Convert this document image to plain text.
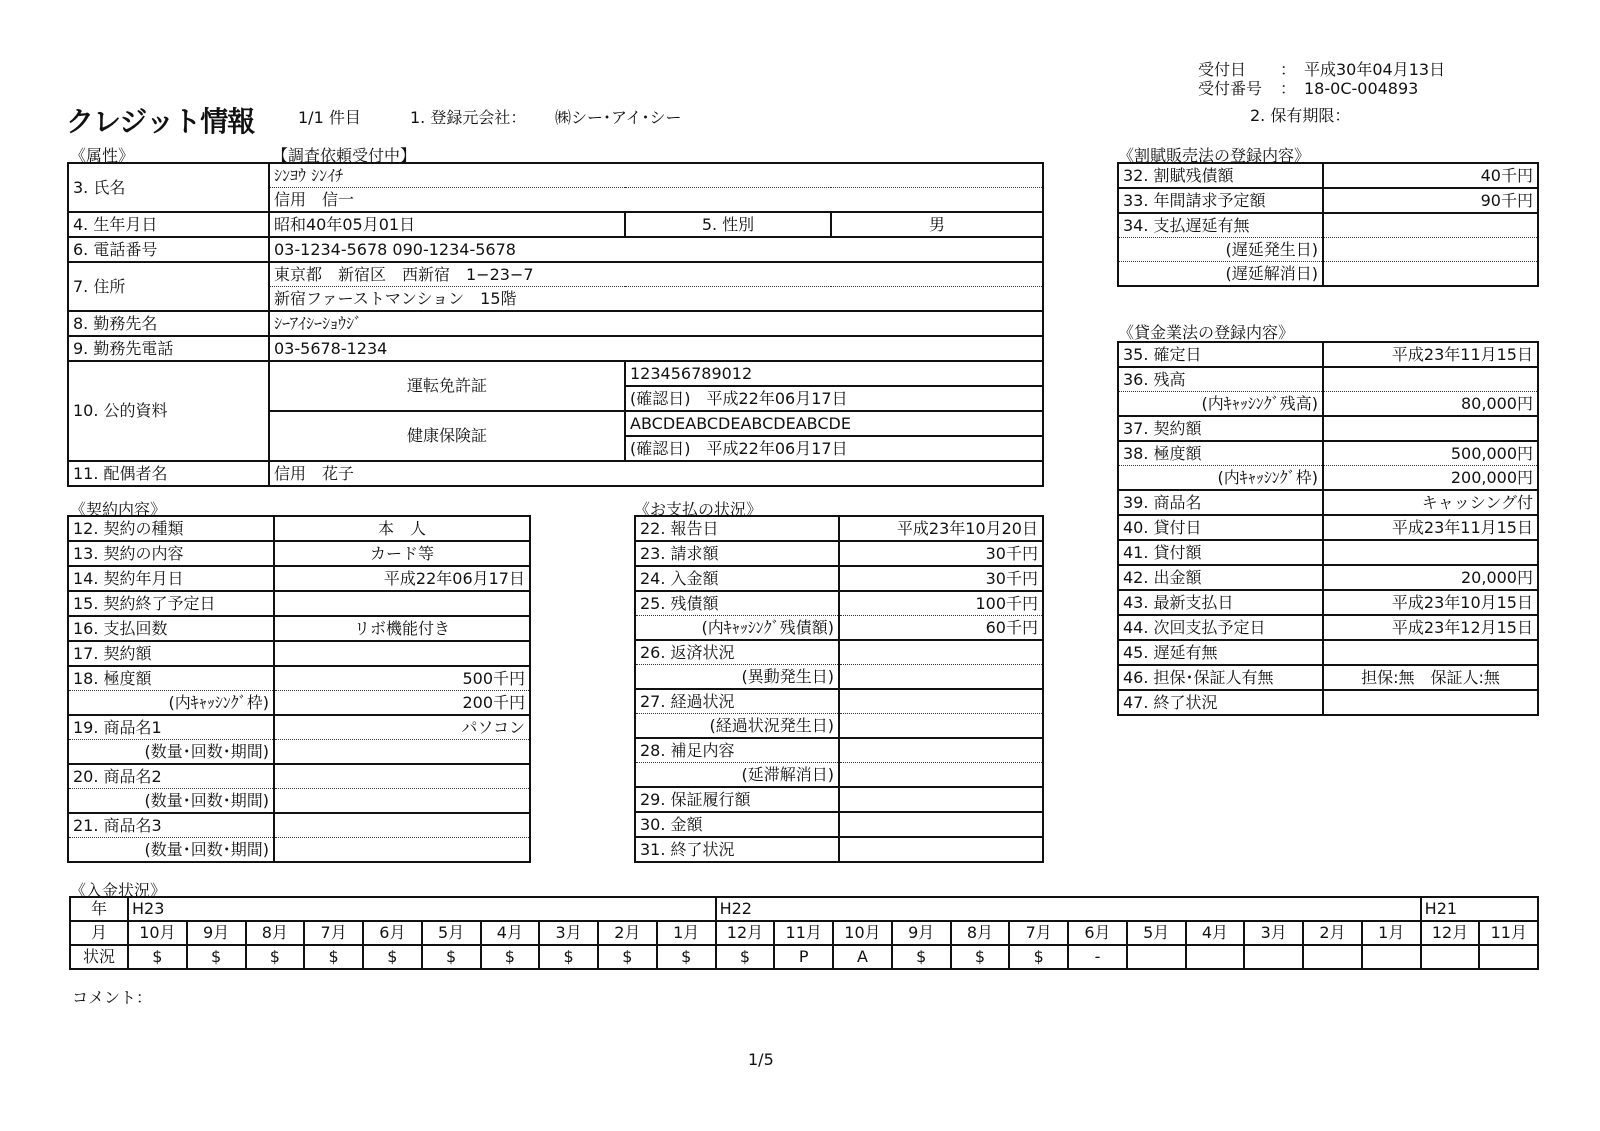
受付日 ：　平成30年04月13日
受付番号 ：　18-0C-004893
2. 保有期限：
クレジット情報	1/1 件目	1. 登録元会社： ㈱シー･アイ･シー
《属性》	【調査依頼受付中】
3. 氏名	ｼﾝﾖｳ ｼﾝｲﾁ		
	信用　信一		
4. 生年月日	昭和40年05月01日	5. 性別	男
6. 電話番号	03-1234-5678 090-1234-5678		
7. 住所	東京都　新宿区　西新宿　1−23−7		
	新宿ファーストマンション　15階		
8. 勤務先名	ｼｰｱｲｼｰｼｮｳｼﾞ		
9. 勤務先電話	03-5678-1234		
10. 公的資料	運転免許証	123456789012	
		(確認日)　平成22年06月17日	
	健康保険証	ABCDEABCDEABCDEABCDE	
		(確認日)　平成22年06月17日	
11. 配偶者名	信用　花子		
《契約内容》
12. 契約の種類	本　人
13. 契約の内容	カード等
14. 契約年月日	平成22年06月17日
15. 契約終了予定日	
16. 支払回数	リボ機能付き
17. 契約額	
18. 極度額	500千円
(内ｷｬｯｼﾝｸﾞ枠)	200千円
19. 商品名1	パソコン
(数量･回数･期間)	
20. 商品名2	
(数量･回数･期間)	
21. 商品名3	
(数量･回数･期間)	
《お支払の状況》
22. 報告日	平成23年10月20日
23. 請求額	30千円
24. 入金額	30千円
25. 残債額	100千円
(内ｷｬｯｼﾝｸﾞ残債額)	60千円
26. 返済状況	
(異動発生日)	
27. 経過状況	
(経過状況発生日)	
28. 補足内容	
(延滞解消日)	
29. 保証履行額	
30. 金額	
31. 終了状況	
《割賦販売法の登録内容》
32. 割賦残債額	40千円
33. 年間請求予定額	90千円
34. 支払遅延有無	
(遅延発生日)	
(遅延解消日)	
《貸金業法の登録内容》
35. 確定日	平成23年11月15日
36. 残高	
(内ｷｬｯｼﾝｸﾞ残高)	80,000円
37. 契約額	
38. 極度額	500,000円
(内ｷｬｯｼﾝｸﾞ枠)	200,000円
39. 商品名	キャッシング付
40. 貸付日	平成23年11月15日
41. 貸付額	
42. 出金額	20,000円
43. 最新支払日	平成23年10月15日
44. 次回支払予定日	平成23年12月15日
45. 遅延有無	
46. 担保･保証人有無	担保:無　保証人:無
47. 終了状況	
《入金状況》
年	H23										H22												H21	
月	10月	9月	8月	7月	6月	5月	4月	3月	2月	1月	12月	11月	10月	9月	8月	7月	6月	5月	4月	3月	2月	1月	12月	11月
状況	$	$	$	$	$	$	$	$	$	$	$	P	A	$	$	$	-							
コメント：
1/5
